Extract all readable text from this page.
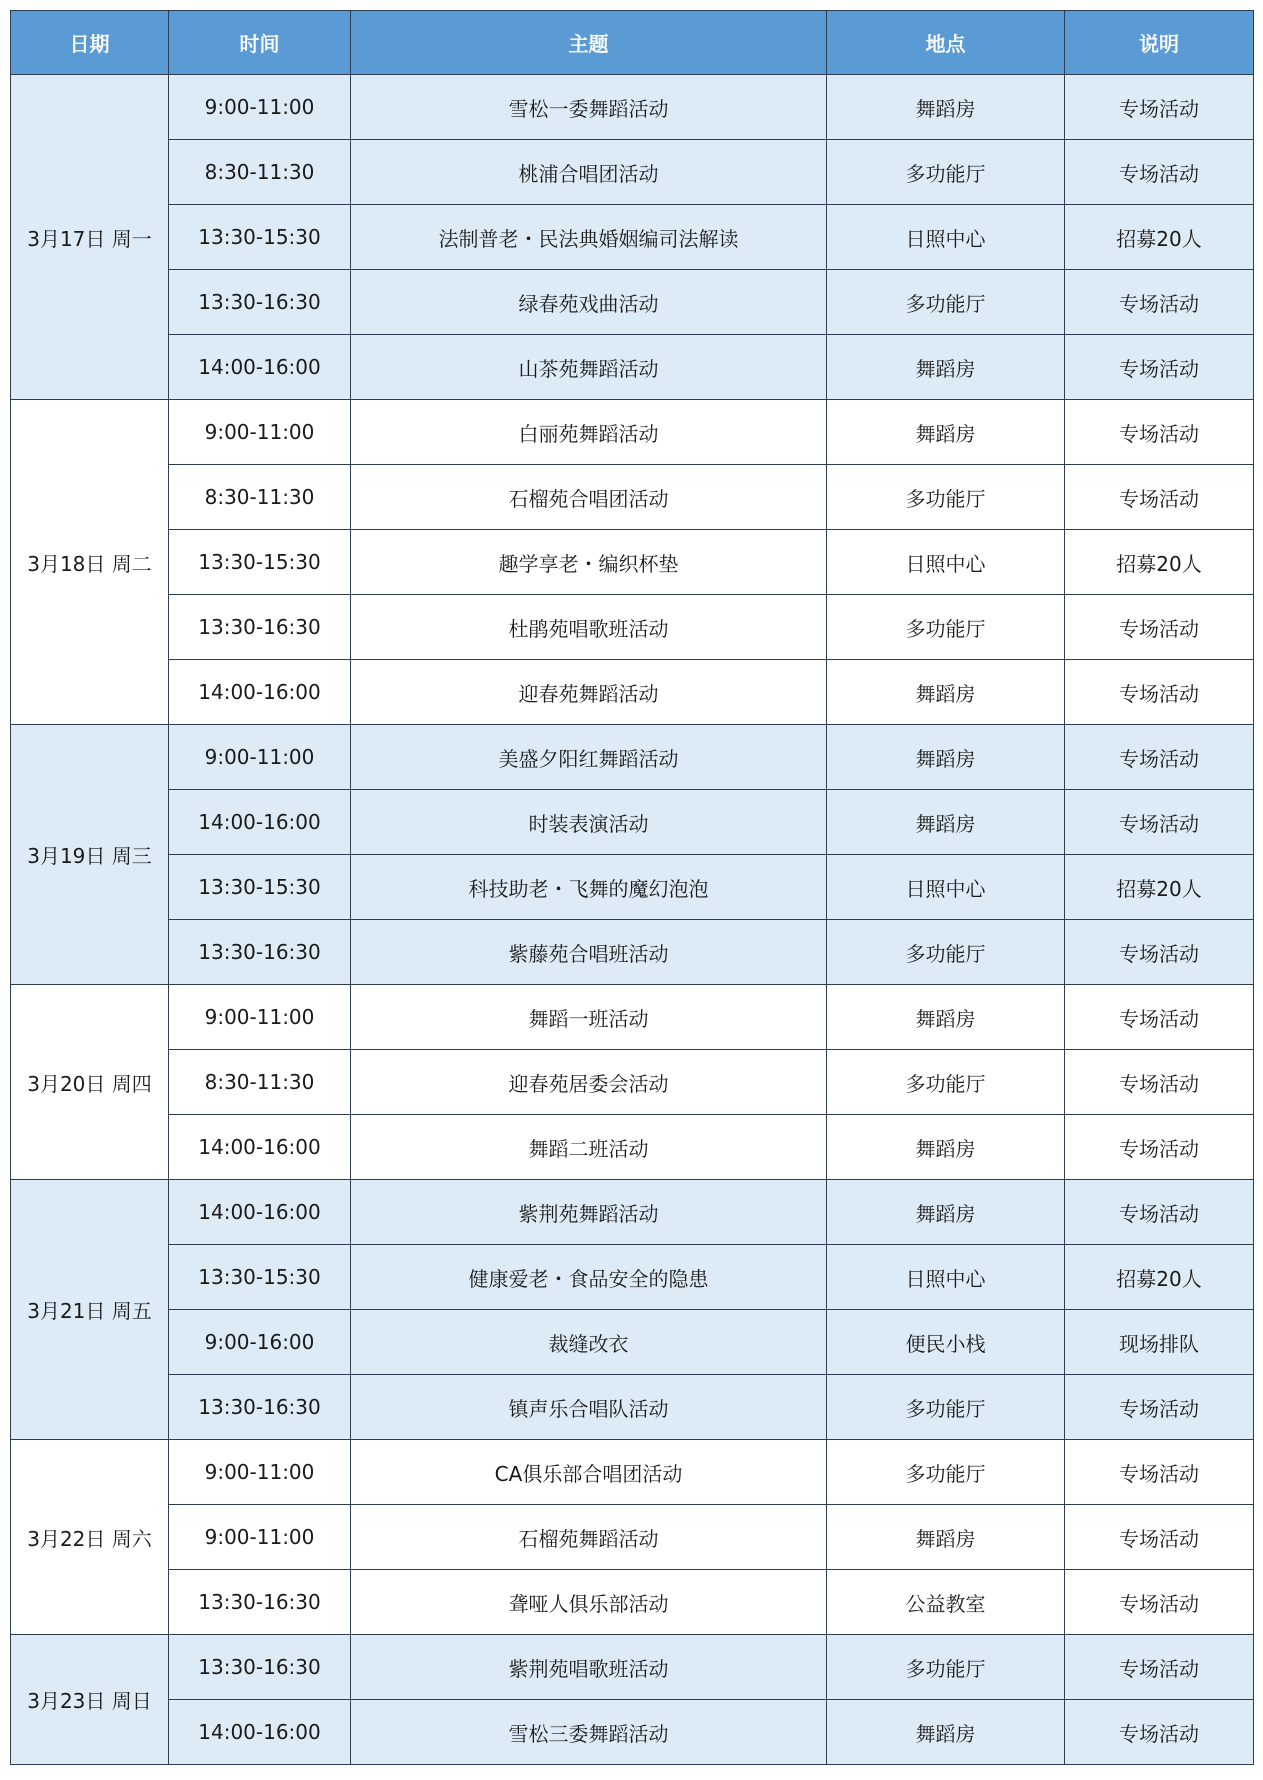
日期	时间	主题	地点	说明
3月17日 周一	9:00-11:00	雪松一委舞蹈活动	舞蹈房	专场活动
	8:30-11:30	桃浦合唱团活动	多功能厅	专场活动
	13:30-15:30	法制普老・民法典婚姻编司法解读	日照中心	招募20人
	13:30-16:30	绿春苑戏曲活动	多功能厅	专场活动
	14:00-16:00	山茶苑舞蹈活动	舞蹈房	专场活动
3月18日 周二	9:00-11:00	白丽苑舞蹈活动	舞蹈房	专场活动
	8:30-11:30	石榴苑合唱团活动	多功能厅	专场活动
	13:30-15:30	趣学享老・编织杯垫	日照中心	招募20人
	13:30-16:30	杜鹃苑唱歌班活动	多功能厅	专场活动
	14:00-16:00	迎春苑舞蹈活动	舞蹈房	专场活动
3月19日 周三	9:00-11:00	美盛夕阳红舞蹈活动	舞蹈房	专场活动
	14:00-16:00	时装表演活动	舞蹈房	专场活动
	13:30-15:30	科技助老・飞舞的魔幻泡泡	日照中心	招募20人
	13:30-16:30	紫藤苑合唱班活动	多功能厅	专场活动
3月20日 周四	9:00-11:00	舞蹈一班活动	舞蹈房	专场活动
	8:30-11:30	迎春苑居委会活动	多功能厅	专场活动
	14:00-16:00	舞蹈二班活动	舞蹈房	专场活动
3月21日 周五	14:00-16:00	紫荆苑舞蹈活动	舞蹈房	专场活动
	13:30-15:30	健康爱老・食品安全的隐患	日照中心	招募20人
	9:00-16:00	裁缝改衣	便民小栈	现场排队
	13:30-16:30	镇声乐合唱队活动	多功能厅	专场活动
3月22日 周六	9:00-11:00	CA俱乐部合唱团活动	多功能厅	专场活动
	9:00-11:00	石榴苑舞蹈活动	舞蹈房	专场活动
	13:30-16:30	聋哑人俱乐部活动	公益教室	专场活动
3月23日 周日	13:30-16:30	紫荆苑唱歌班活动	多功能厅	专场活动
	14:00-16:00	雪松三委舞蹈活动	舞蹈房	专场活动
